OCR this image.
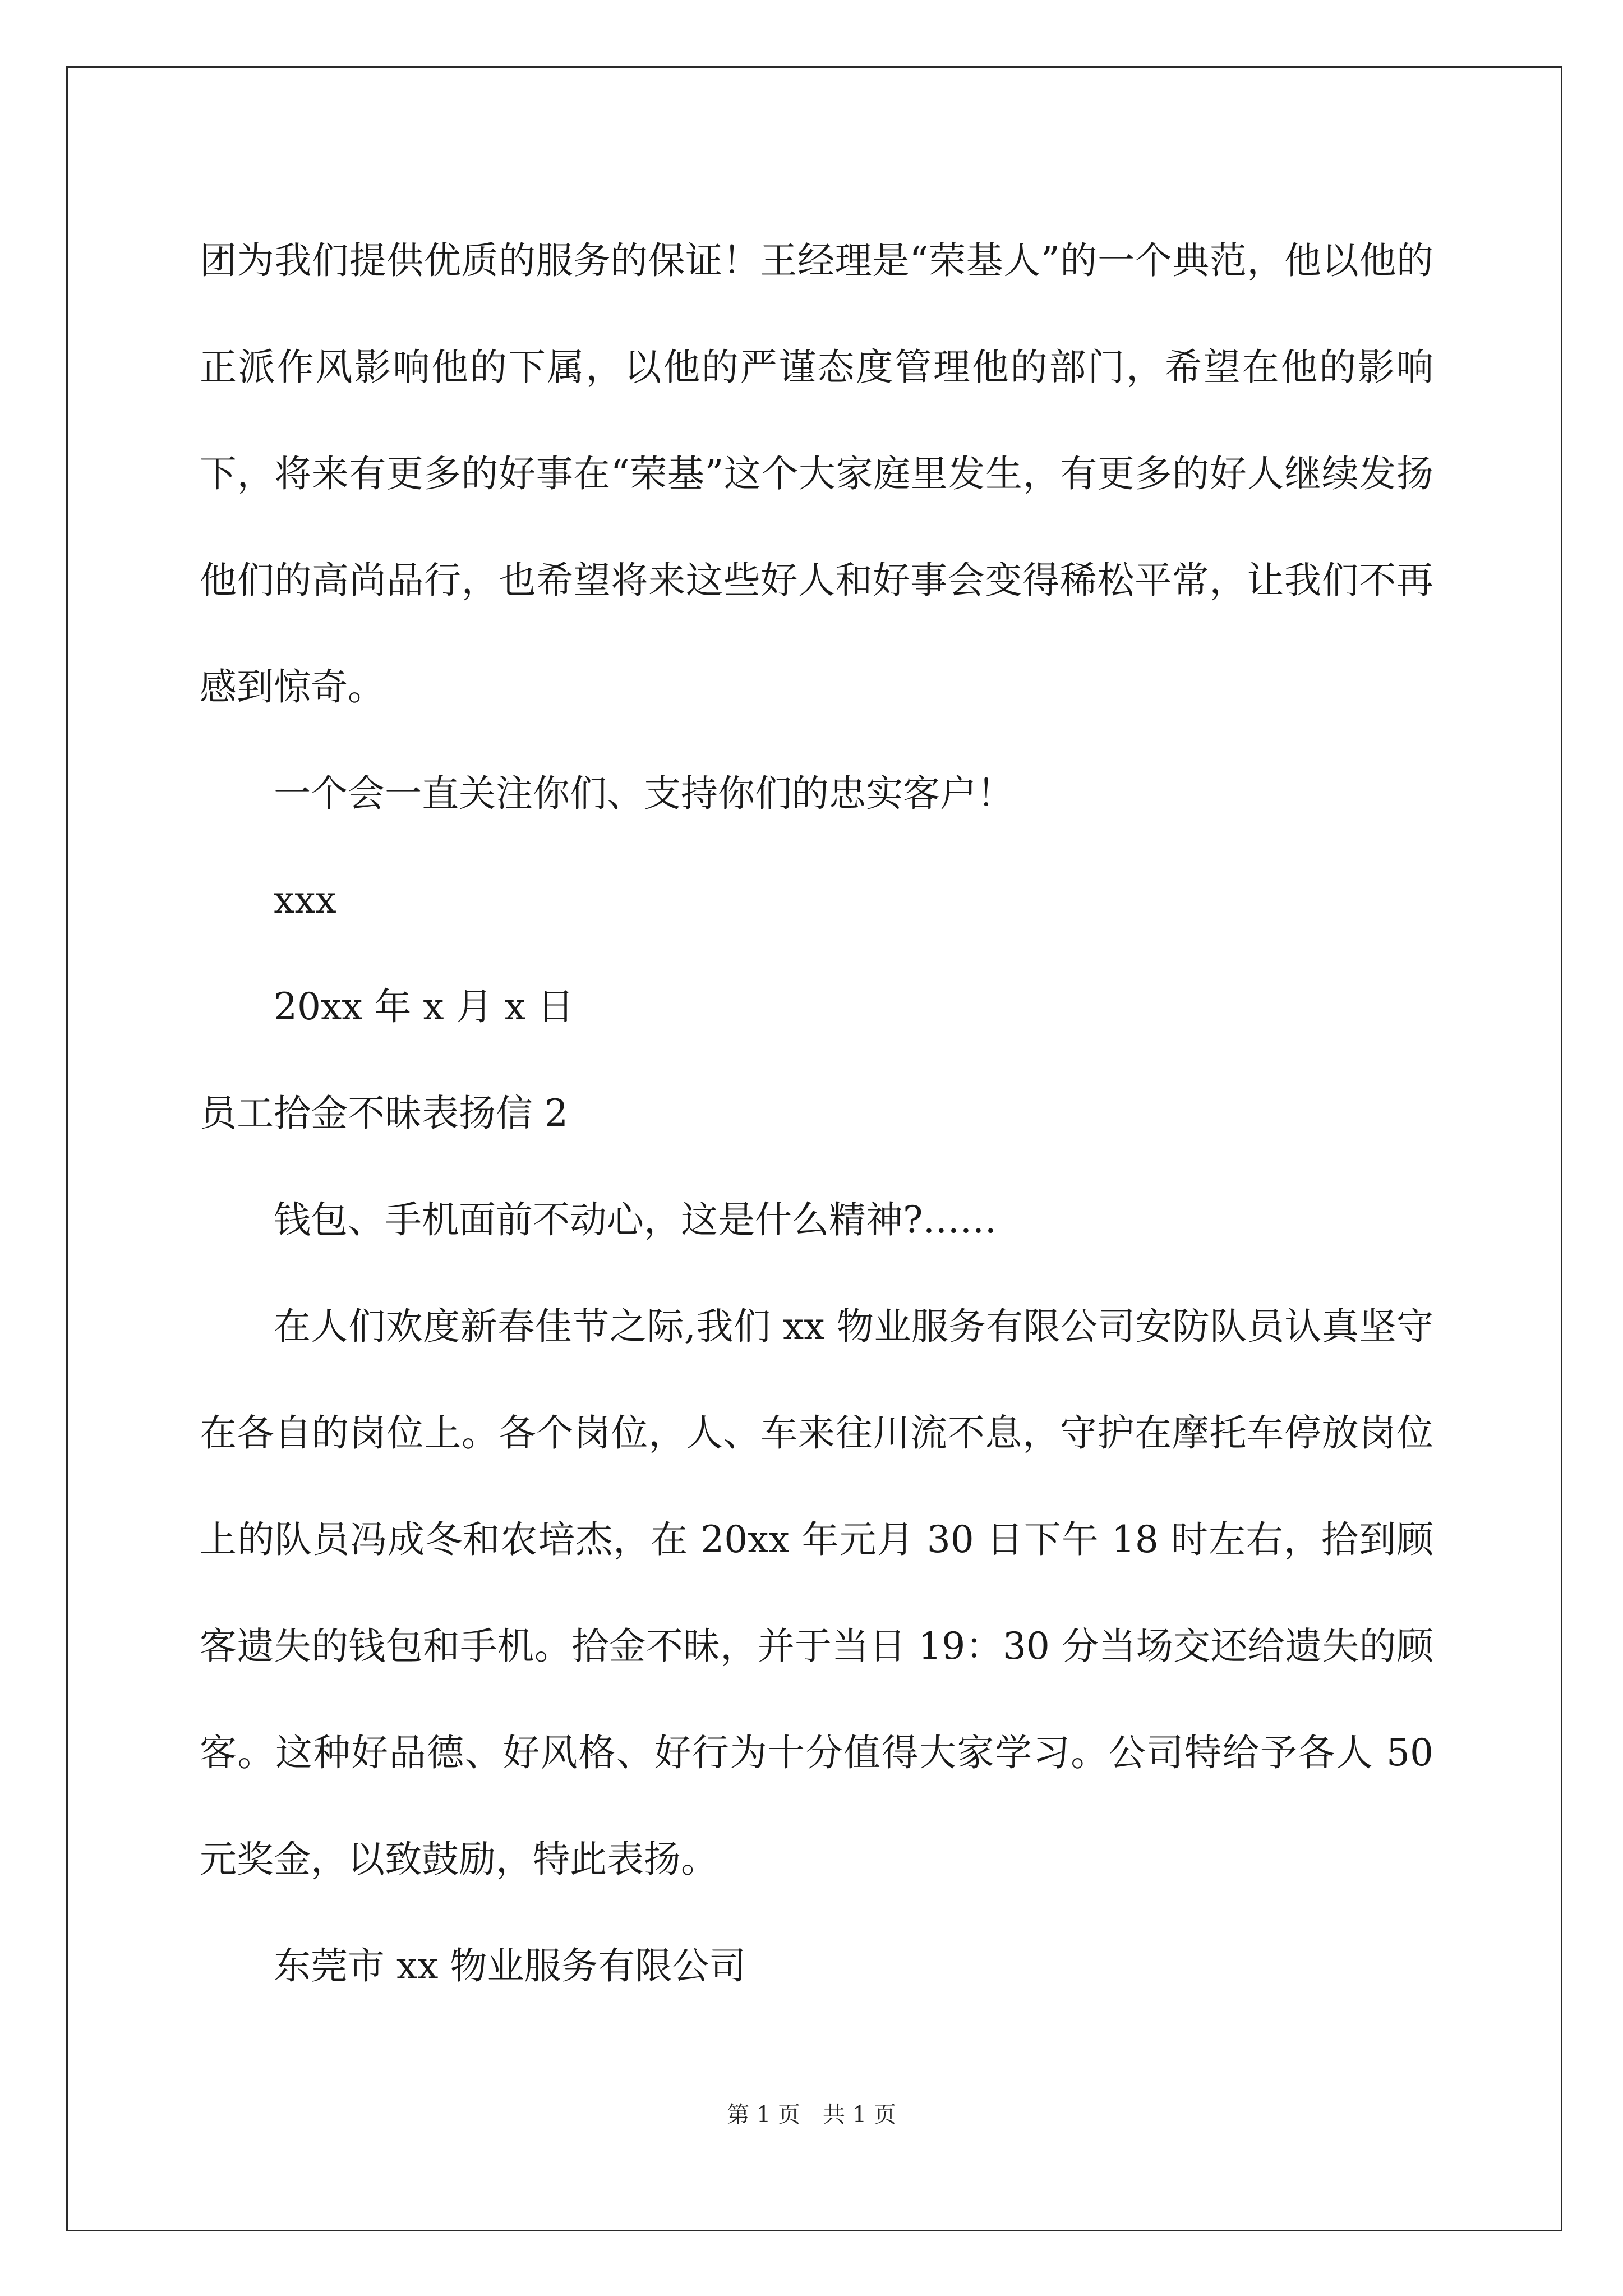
团为我们提供优质的服务的保证！王经理是“荣基人”的一个典范，他以他的正派作风影响他的下属，以他的严谨态度管理他的部门，希望在他的影响下，将来有更多的好事在“荣基”这个大家庭里发生，有更多的好人继续发扬他们的高尚品行，也希望将来这些好人和好事会变得稀松平常，让我们不再感到惊奇。

一个会一直关注你们、支持你们的忠实客户！

xxx

20xx 年 x 月 x 日

员工拾金不昧表扬信 2

钱包、手机面前不动心，这是什么精神?……

在人们欢度新春佳节之际,我们 xx 物业服务有限公司安防队员认真坚守在各自的岗位上。各个岗位，人、车来往川流不息，守护在摩托车停放岗位上的队员冯成冬和农培杰，在 20xx 年元月 30 日下午 18 时左右，拾到顾客遗失的钱包和手机。拾金不昧，并于当日 19：30 分当场交还给遗失的顾客。这种好品德、好风格、好行为十分值得大家学习。公司特给予各人 50 元奖金，以致鼓励，特此表扬。

东莞市 xx 物业服务有限公司

第 1 页 共 1 页
